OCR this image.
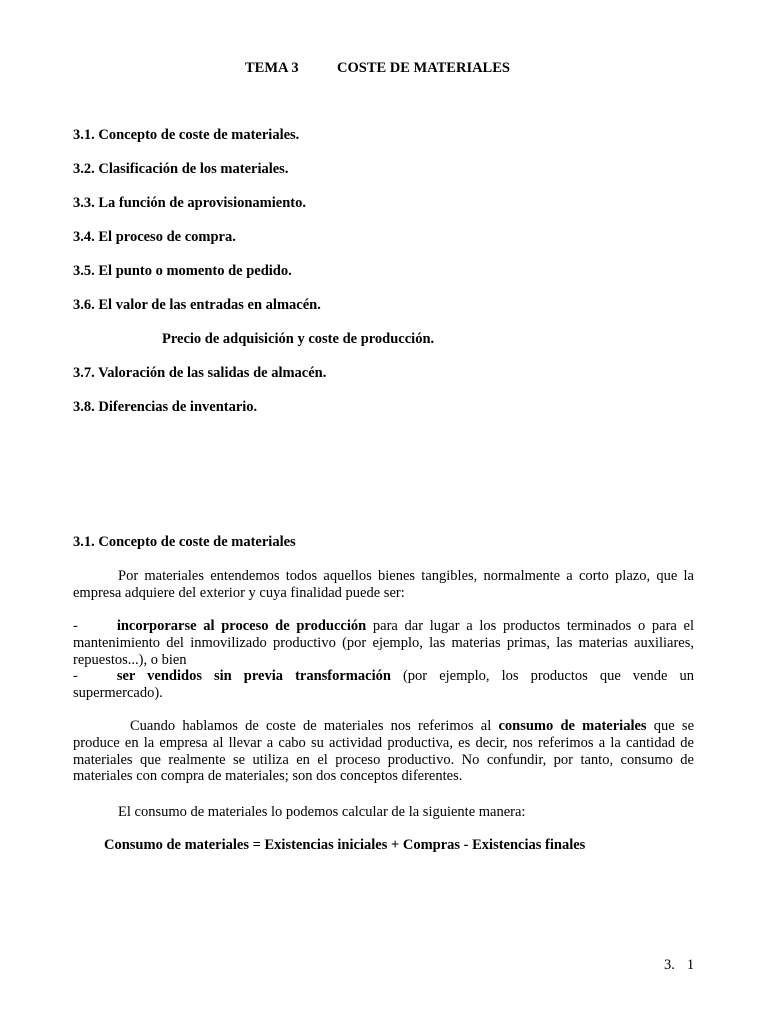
TEMA 3	COSTE DE MATERIALES
3.1. Concepto de coste de materiales.
3.2. Clasificación de los materiales.
3.3. La función de aprovisionamiento.
3.4. El proceso de compra.
3.5. El punto o momento de pedido.
3.6. El valor de las entradas en almacén.
Precio de adquisición y coste de producción.
3.7. Valoración de las salidas de almacén.
3.8. Diferencias de inventario.
3.1. Concepto de coste de materiales
Por materiales entendemos todos aquellos bienes tangibles, normalmente a corto plazo, que la empresa adquiere del exterior y cuya finalidad puede ser:
-	incorporarse al proceso de producción para dar lugar a los productos terminados o para el mantenimiento del inmovilizado productivo (por ejemplo, las materias primas, las materias auxiliares, repuestos...), o bien
-	ser vendidos sin previa transformación (por ejemplo, los productos que vende un supermercado).
Cuando hablamos de coste de materiales nos referimos al consumo de materiales que se produce en la empresa al llevar a cabo su actividad productiva, es decir, nos referimos a la cantidad de materiales que realmente se utiliza en el proceso productivo. No confundir, por tanto, consumo de materiales con compra de materiales; son dos conceptos diferentes.
El consumo de materiales lo podemos calcular de la siguiente manera:
Consumo de materiales = Existencias iniciales + Compras - Existencias finales
3. 1
